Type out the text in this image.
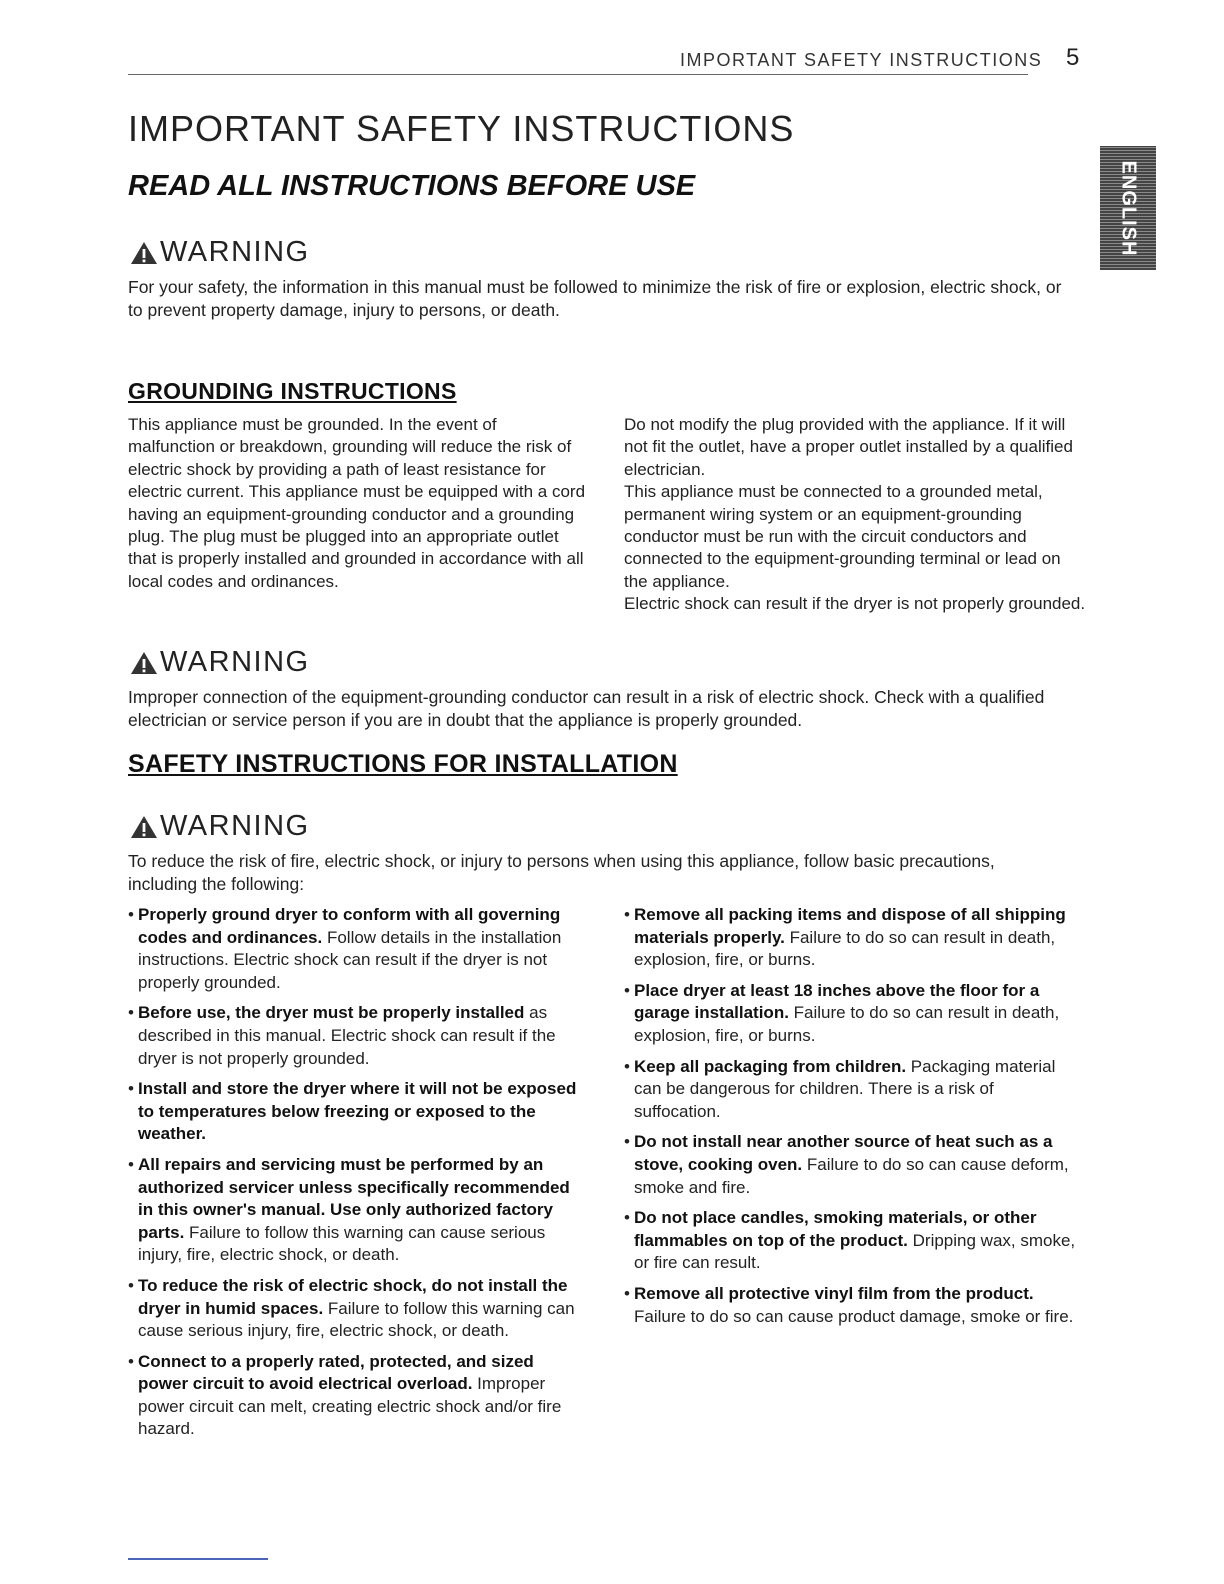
IMPORTANT SAFETY INSTRUCTIONS 5
ENGLISH
IMPORTANT SAFETY INSTRUCTIONS
READ ALL INSTRUCTIONS BEFORE USE
WARNING
For your safety, the information in this manual must be followed to minimize the risk of fire or explosion, electric shock, or to prevent property damage, injury to persons, or death.
GROUNDING INSTRUCTIONS

This appliance must be grounded. In the event of malfunction or breakdown, grounding will reduce the risk of electric shock by providing a path of least resistance for electric current. This appliance must be equipped with a cord having an equipment-grounding conductor and a grounding plug. The plug must be plugged into an appropriate outlet that is properly installed and grounded in accordance with all local codes and ordinances.

Do not modify the plug provided with the appliance. If it will not fit the outlet, have a proper outlet installed by a qualified electrician.

This appliance must be connected to a grounded metal, permanent wiring system or an equipment-grounding conductor must be run with the circuit conductors and connected to the equipment-grounding terminal or lead on the appliance.

Electric shock can result if the dryer is not properly grounded.

WARNING
Improper connection of the equipment-grounding conductor can result in a risk of electric shock. Check with a qualified electrician or service person if you are in doubt that the appliance is properly grounded.
SAFETY INSTRUCTIONS FOR INSTALLATION
WARNING
To reduce the risk of fire, electric shock, or injury to persons when using this appliance, follow basic precautions, including the following:
• Properly ground dryer to conform with all governing codes and ordinances. Follow details in the installation instructions. Electric shock can result if the dryer is not properly grounded.
• Before use, the dryer must be properly installed as described in this manual. Electric shock can result if the dryer is not properly grounded.
• Install and store the dryer where it will not be exposed to temperatures below freezing or exposed to the weather.
• All repairs and servicing must be performed by an authorized servicer unless specifically recommended in this owner's manual. Use only authorized factory parts. Failure to follow this warning can cause serious injury, fire, electric shock, or death.
• To reduce the risk of electric shock, do not install the dryer in humid spaces. Failure to follow this warning can cause serious injury, fire, electric shock, or death.
• Connect to a properly rated, protected, and sized power circuit to avoid electrical overload. Improper power circuit can melt, creating electric shock and/or fire hazard.
• Remove all packing items and dispose of all shipping materials properly. Failure to do so can result in death, explosion, fire, or burns.
• Place dryer at least 18 inches above the floor for a garage installation. Failure to do so can result in death, explosion, fire, or burns.
• Keep all packaging from children. Packaging material can be dangerous for children. There is a risk of suffocation.
• Do not install near another source of heat such as a stove, cooking oven. Failure to do so can cause deform, smoke and fire.
• Do not place candles, smoking materials, or other flammables on top of the product. Dripping wax, smoke, or fire can result.
• Remove all protective vinyl film from the product. Failure to do so can cause product damage, smoke or fire.
